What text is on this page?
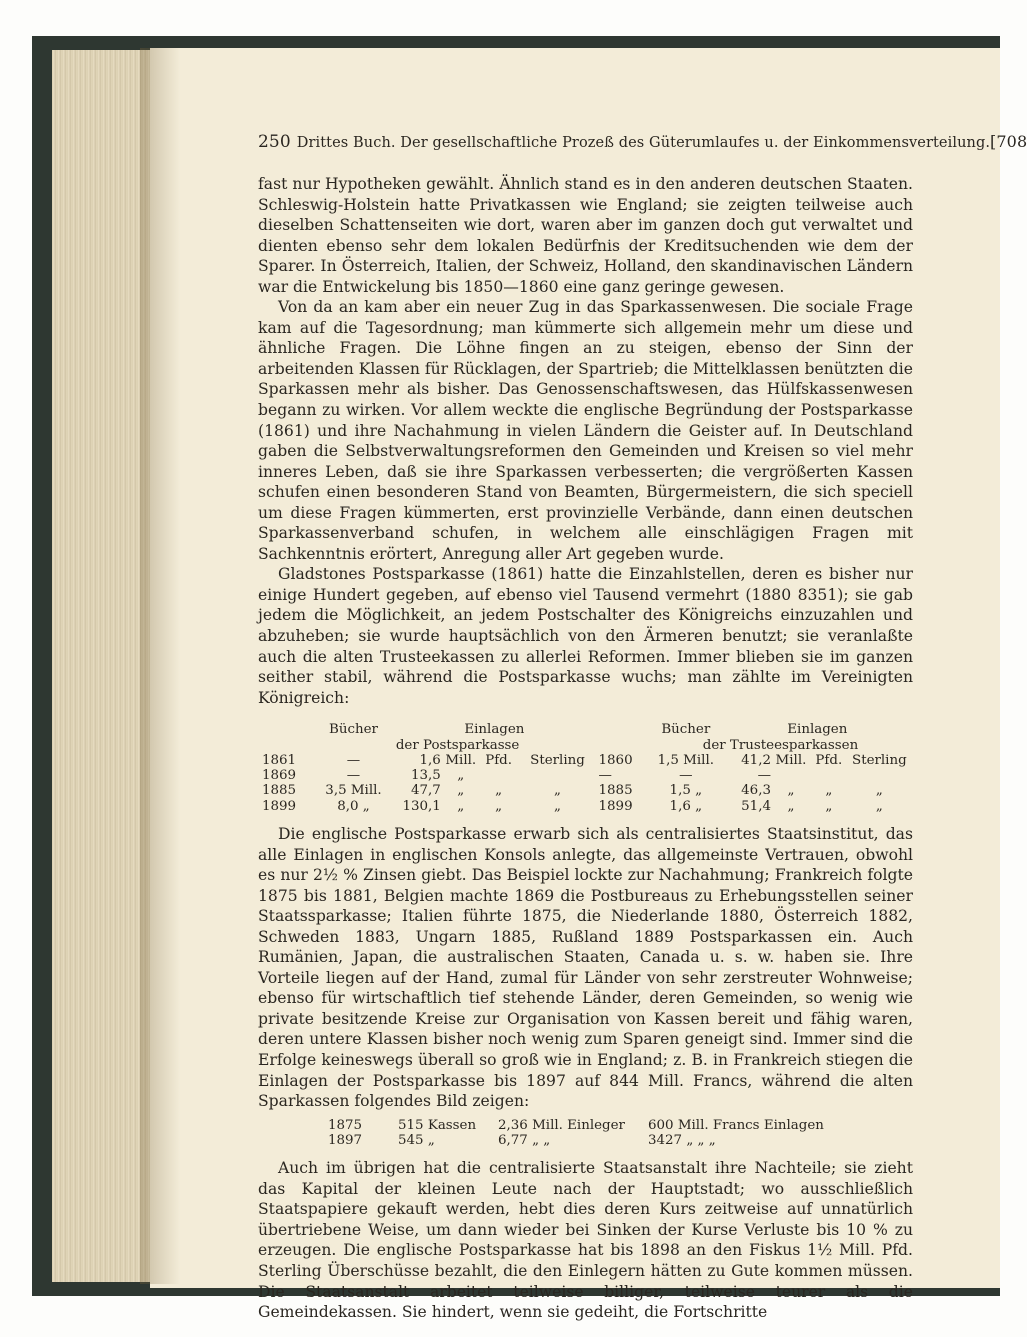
250 Drittes Buch. Der gesellschaftliche Prozeß des Güterumlaufes u. der Einkommensverteilung. [708

fast nur Hypotheken gewählt. Ähnlich stand es in den anderen deutschen Staaten. Schleswig-Holstein hatte Privatkassen wie England; sie zeigten teilweise auch dieselben Schattenseiten wie dort, waren aber im ganzen doch gut verwaltet und dienten ebenso sehr dem lokalen Bedürfnis der Kreditsuchenden wie dem der Sparer. In Österreich, Italien, der Schweiz, Holland, den skandinavischen Ländern war die Entwickelung bis 1850—1860 eine ganz geringe gewesen.

Von da an kam aber ein neuer Zug in das Sparkassenwesen. Die sociale Frage kam auf die Tagesordnung; man kümmerte sich allgemein mehr um diese und ähnliche Fragen. Die Löhne fingen an zu steigen, ebenso der Sinn der arbeitenden Klassen für Rücklagen, der Spartrieb; die Mittelklassen benützten die Sparkassen mehr als bisher. Das Genossenschaftswesen, das Hülfskassenwesen begann zu wirken. Vor allem weckte die englische Begründung der Postsparkasse (1861) und ihre Nachahmung in vielen Ländern die Geister auf. In Deutschland gaben die Selbstverwaltungsreformen den Gemeinden und Kreisen so viel mehr inneres Leben, daß sie ihre Sparkassen verbesserten; die vergrößerten Kassen schufen einen besonderen Stand von Beamten, Bürgermeistern, die sich speciell um diese Fragen kümmerten, erst provinzielle Verbände, dann einen deutschen Sparkassenverband schufen, in welchem alle einschlägigen Fragen mit Sachkenntnis erörtert, Anregung aller Art gegeben wurde.

Gladstones Postsparkasse (1861) hatte die Einzahlstellen, deren es bisher nur einige Hundert gegeben, auf ebenso viel Tausend vermehrt (1880 8351); sie gab jedem die Möglichkeit, an jedem Postschalter des Königreichs einzuzahlen und abzuheben; sie wurde hauptsächlich von den Ärmeren benutzt; sie veranlaßte auch die alten Trusteekassen zu allerlei Reformen. Immer blieben sie im ganzen seither stabil, während die Postsparkasse wuchs; man zählte im Vereinigten Königreich:

	Bücher	Einlagen					Bücher	Einlagen			
	der Postsparkasse						der Trusteesparkassen				
1861	—	1,6	Mill.	Pfd.	Sterling	1860	1,5 Mill.	41,2	Mill.	Pfd.	Sterling
1869	—	13,5	„			—	—	—			
1885	3,5 Mill.	47,7	„	„	„	1885	1,5 „	46,3	„	„	„
1899	8,0 „	130,1	„	„	„	1899	1,6 „	51,4	„	„	„

Die englische Postsparkasse erwarb sich als centralisiertes Staatsinstitut, das alle Einlagen in englischen Konsols anlegte, das allgemeinste Vertrauen, obwohl es nur 2½ % Zinsen giebt. Das Beispiel lockte zur Nachahmung; Frankreich folgte 1875 bis 1881, Belgien machte 1869 die Postbureaus zu Erhebungsstellen seiner Staatssparkasse; Italien führte 1875, die Niederlande 1880, Österreich 1882, Schweden 1883, Ungarn 1885, Rußland 1889 Postsparkassen ein. Auch Rumänien, Japan, die australischen Staaten, Canada u. s. w. haben sie. Ihre Vorteile liegen auf der Hand, zumal für Länder von sehr zerstreuter Wohnweise; ebenso für wirtschaftlich tief stehende Länder, deren Gemeinden, so wenig wie private besitzende Kreise zur Organisation von Kassen bereit und fähig waren, deren untere Klassen bisher noch wenig zum Sparen geneigt sind. Immer sind die Erfolge keineswegs überall so groß wie in England; z. B. in Frankreich stiegen die Einlagen der Postsparkasse bis 1897 auf 844 Mill. Francs, während die alten Sparkassen folgendes Bild zeigen:

1875	515 Kassen	2,36 Mill. Einleger	600 Mill. Francs Einlagen
1897	545 „	6,77 „ „	3427 „ „ „

Auch im übrigen hat die centralisierte Staatsanstalt ihre Nachteile; sie zieht das Kapital der kleinen Leute nach der Hauptstadt; wo ausschließlich Staatspapiere gekauft werden, hebt dies deren Kurs zeitweise auf unnatürlich übertriebene Weise, um dann wieder bei Sinken der Kurse Verluste bis 10 % zu erzeugen. Die englische Postsparkasse hat bis 1898 an den Fiskus 1½ Mill. Pfd. Sterling Überschüsse bezahlt, die den Einlegern hätten zu Gute kommen müssen. Die Staatsanstalt arbeitet teilweise billiger, teilweise teurer als die Gemeindekassen. Sie hindert, wenn sie gedeiht, die Fortschritte
